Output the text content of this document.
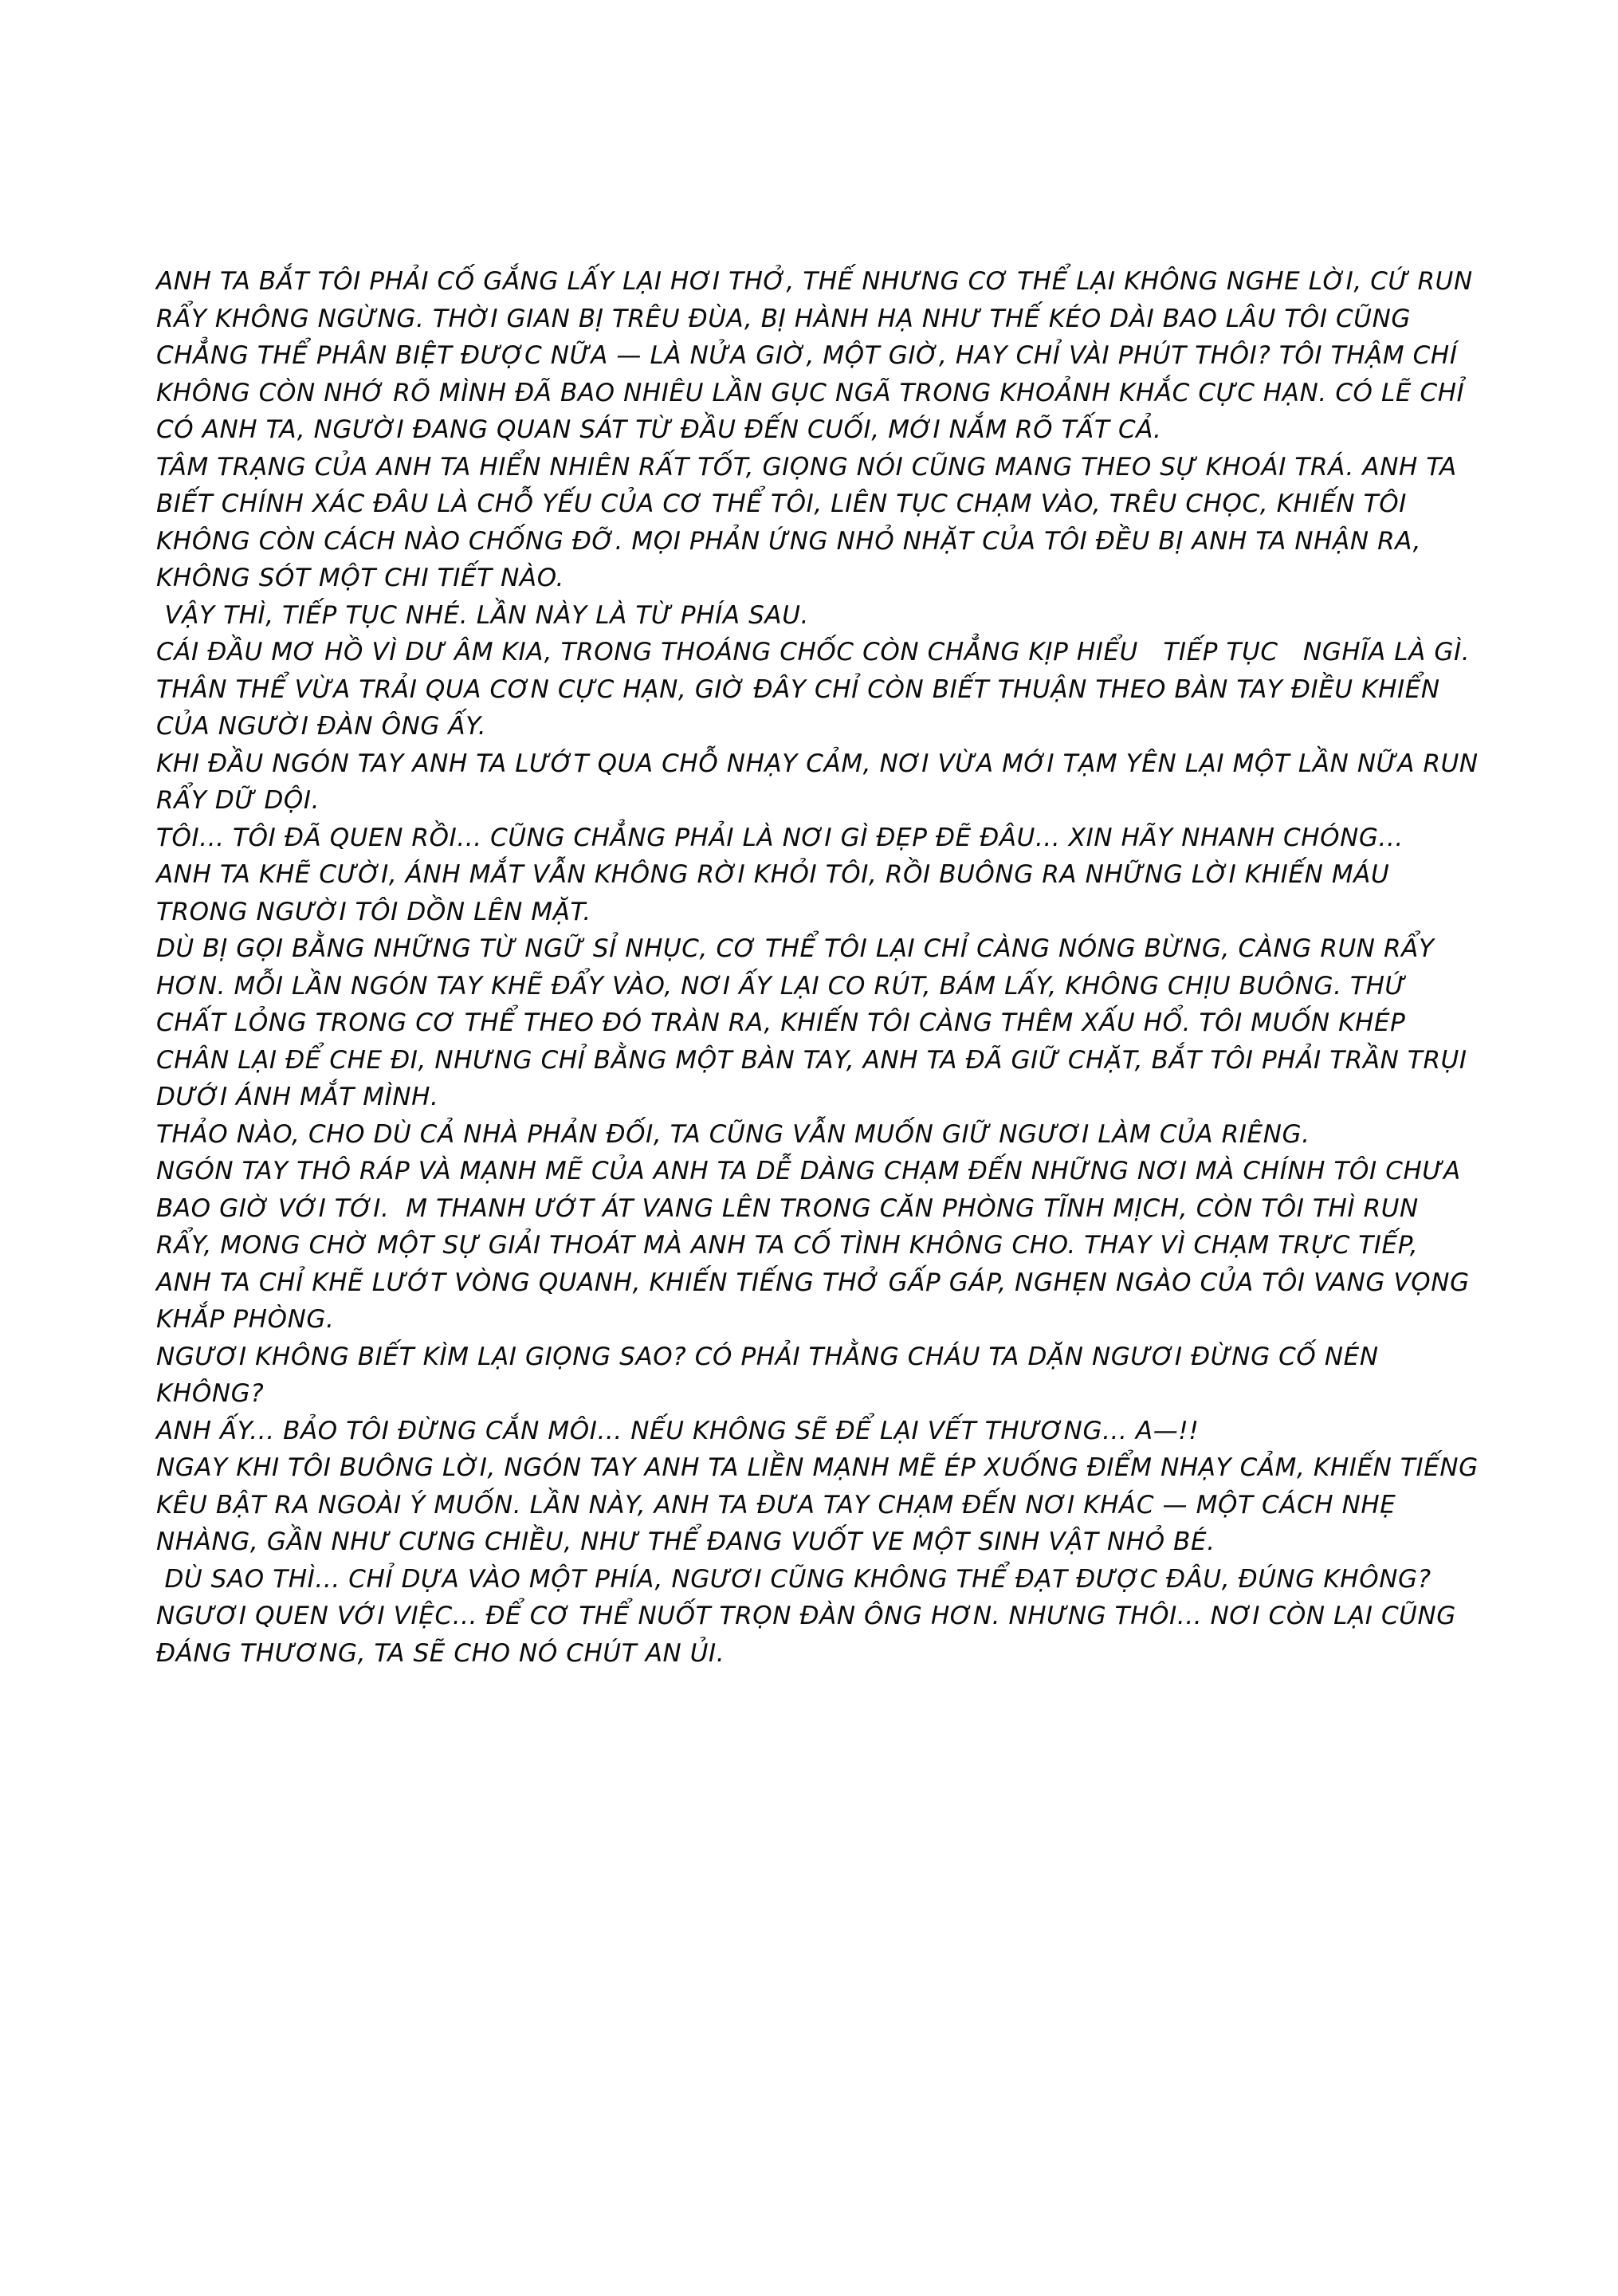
ANH TA BẮT TÔI PHẢI CỐ GẮNG LẤY LẠI HƠI THỞ, THẾ NHƯNG CƠ THỂ LẠI KHÔNG NGHE LỜI, CỨ RUN RẨY KHÔNG NGỪNG. THỜI GIAN BỊ TRÊU ĐÙA, BỊ HÀNH HẠ NHƯ THẾ KÉO DÀI BAO LÂU TÔI CŨNG CHẲNG THỂ PHÂN BIỆT ĐƯỢC NỮA — LÀ NỬA GIỜ, MỘT GIỜ, HAY CHỈ VÀI PHÚT THÔI? TÔI THẬM CHÍ KHÔNG CÒN NHỚ RÕ MÌNH ĐÃ BAO NHIÊU LẦN GỤC NGÃ TRONG KHOẢNH KHẮC CỰC HẠN. CÓ LẼ CHỈ CÓ ANH TA, NGƯỜI ĐANG QUAN SÁT TỪ ĐẦU ĐẾN CUỐI, MỚI NẮM RÕ TẤT CẢ.

TÂM TRẠNG CỦA ANH TA HIỂN NHIÊN RẤT TỐT, GIỌNG NÓI CŨNG MANG THEO SỰ KHOÁI TRÁ. ANH TA BIẾT CHÍNH XÁC ĐÂU LÀ CHỖ YẾU CỦA CƠ THỂ TÔI, LIÊN TỤC CHẠM VÀO, TRÊU CHỌC, KHIẾN TÔI KHÔNG CÒN CÁCH NÀO CHỐNG ĐỠ. MỌI PHẢN ỨNG NHỎ NHẶT CỦA TÔI ĐỀU BỊ ANH TA NHẬN RA, KHÔNG SÓT MỘT CHI TIẾT NÀO.

VẬY THÌ, TIẾP TỤC NHÉ. LẦN NÀY LÀ TỪ PHÍA SAU.

CÁI ĐẦU MƠ HỒ VÌ DƯ ÂM KIA, TRONG THOÁNG CHỐC CÒN CHẲNG KỊP HIỂU   TIẾP TỤC   NGHĨA LÀ GÌ. THÂN THỂ VỪA TRẢI QUA CƠN CỰC HẠN, GIỜ ĐÂY CHỈ CÒN BIẾT THUẬN THEO BÀN TAY ĐIỀU KHIỂN CỦA NGƯỜI ĐÀN ÔNG ẤY.

KHI ĐẦU NGÓN TAY ANH TA LƯỚT QUA CHỖ NHẠY CẢM, NƠI VỪA MỚI TẠM YÊN LẠI MỘT LẦN NỮA RUN RẨY DỮ DỘI.

TÔI... TÔI ĐÃ QUEN RỒI... CŨNG CHẲNG PHẢI LÀ NƠI GÌ ĐẸP ĐẼ ĐÂU... XIN HÃY NHANH CHÓNG...

ANH TA KHẼ CƯỜI, ÁNH MẮT VẪN KHÔNG RỜI KHỎI TÔI, RỒI BUÔNG RA NHỮNG LỜI KHIẾN MÁU TRONG NGƯỜI TÔI DỒN LÊN MẶT.

DÙ BỊ GỌI BẰNG NHỮNG TỪ NGỮ SỈ NHỤC, CƠ THỂ TÔI LẠI CHỈ CÀNG NÓNG BỪNG, CÀNG RUN RẨY HƠN. MỖI LẦN NGÓN TAY KHẼ ĐẨY VÀO, NƠI ẤY LẠI CO RÚT, BÁM LẤY, KHÔNG CHỊU BUÔNG. THỨ CHẤT LỎNG TRONG CƠ THỂ THEO ĐÓ TRÀN RA, KHIẾN TÔI CÀNG THÊM XẤU HỔ. TÔI MUỐN KHÉP CHÂN LẠI ĐỂ CHE ĐI, NHƯNG CHỈ BẰNG MỘT BÀN TAY, ANH TA ĐÃ GIỮ CHẶT, BẮT TÔI PHẢI TRẦN TRỤI DƯỚI ÁNH MẮT MÌNH.

THẢO NÀO, CHO DÙ CẢ NHÀ PHẢN ĐỐI, TA CŨNG VẪN MUỐN GIỮ NGƯƠI LÀM CỦA RIÊNG.

NGÓN TAY THÔ RÁP VÀ MẠNH MẼ CỦA ANH TA DỄ DÀNG CHẠM ĐẾN NHỮNG NƠI MÀ CHÍNH TÔI CHƯA BAO GIỜ VỚI TỚI.  M THANH ƯỚT ÁT VANG LÊN TRONG CĂN PHÒNG TĨNH MỊCH, CÒN TÔI THÌ RUN RẨY, MONG CHỜ MỘT SỰ GIẢI THOÁT MÀ ANH TA CỐ TÌNH KHÔNG CHO. THAY VÌ CHẠM TRỰC TIẾP, ANH TA CHỈ KHẼ LƯỚT VÒNG QUANH, KHIẾN TIẾNG THỞ GẤP GÁP, NGHẸN NGÀO CỦA TÔI VANG VỌNG KHẮP PHÒNG.

NGƯƠI KHÔNG BIẾT KÌM LẠI GIỌNG SAO? CÓ PHẢI THẰNG CHÁU TA DẶN NGƯƠI ĐỪNG CỐ NÉN KHÔNG?

ANH ẤY... BẢO TÔI ĐỪNG CẮN MÔI... NẾU KHÔNG SẼ ĐỂ LẠI VẾT THƯƠNG... A—!!

NGAY KHI TÔI BUÔNG LỜI, NGÓN TAY ANH TA LIỀN MẠNH MẼ ÉP XUỐNG ĐIỂM NHẠY CẢM, KHIẾN TIẾNG KÊU BẬT RA NGOÀI Ý MUỐN. LẦN NÀY, ANH TA ĐƯA TAY CHẠM ĐẾN NƠI KHÁC — MỘT CÁCH NHẸ NHÀNG, GẦN NHƯ CƯNG CHIỀU, NHƯ THỂ ĐANG VUỐT VE MỘT SINH VẬT NHỎ BÉ.

DÙ SAO THÌ... CHỈ DỰA VÀO MỘT PHÍA, NGƯƠI CŨNG KHÔNG THỂ ĐẠT ĐƯỢC ĐÂU, ĐÚNG KHÔNG? NGƯƠI QUEN VỚI VIỆC... ĐỂ CƠ THỂ NUỐT TRỌN ĐÀN ÔNG HƠN. NHƯNG THÔI... NƠI CÒN LẠI CŨNG ĐÁNG THƯƠNG, TA SẼ CHO NÓ CHÚT AN ỦI.
